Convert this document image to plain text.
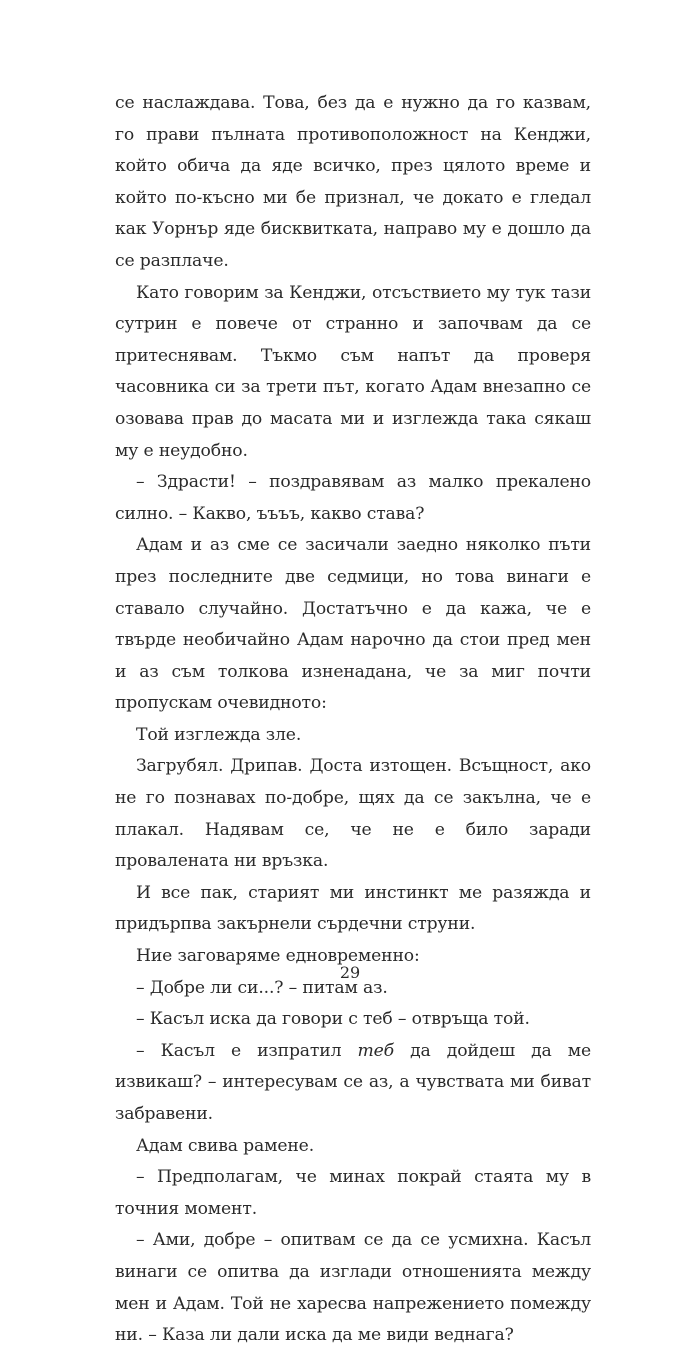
се наслаждава. Това, без да е нужно да го казвам, го прави пълната противоположност на Кенджи, който обича да яде всичко, през цялото време и който по-късно ми бе признал, че докато е гледал как Уорнър яде бисквитката, направо му е дошло да се разплаче.

Като говорим за Кенджи, отсъствието му тук тази сутрин е повече от странно и започвам да се притеснявам. Тъкмо съм напът да проверя часовника си за трети път, когато Адам внезапно се озовава прав до масата ми и изглежда така сякаш му е неудобно.

– Здрасти! – поздравявам аз малко прекалено силно. – Какво, ъъъъ, какво става?

Адам и аз сме се засичали заедно няколко пъти през последните две седмици, но това винаги е ставало случайно. Достатъчно е да кажа, че е твърде необичайно Адам нарочно да стои пред мен и аз съм толкова изненадана, че за миг почти пропускам очевидното:

Той изглежда зле.

Загрубял. Дрипав. Доста изтощен. Всъщност, ако не го познавах по-добре, щях да се закълна, че е плакал. Надявам се, че не е било заради провалената ни връзка.

И все пак, старият ми инстинкт ме разяжда и придърпва закърнели сърдечни струни.

Ние заговаряме едновременно:

– Добре ли си...? – питам аз.

– Касъл иска да говори с теб – отвръща той.

– Касъл е изпратил теб да дойдеш да ме извикаш? – интересувам се аз, а чувствата ми биват забравени.

Адам свива рамене.

– Предполагам, че минах покрай стаята му в точния момент.

– Ами, добре – опитвам се да се усмихна. Касъл винаги се опитва да изглади отношенията между мен и Адам. Той не харесва напрежението помежду ни. – Каза ли дали иска да ме види веднага?

29
